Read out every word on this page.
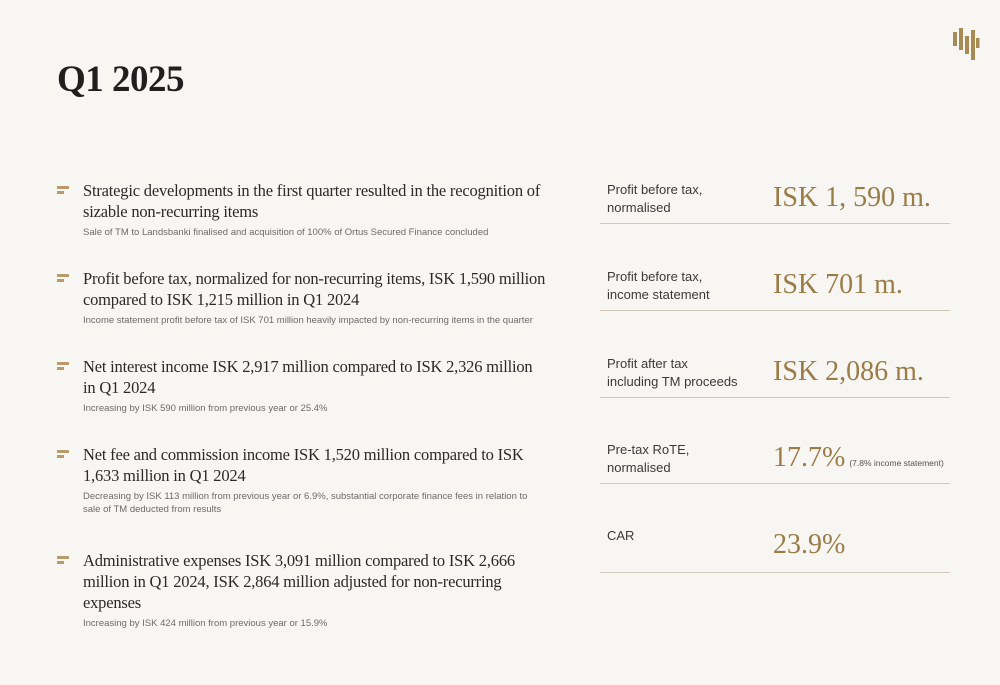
Q1 2025

Strategic developments in the first quarter resulted in the recognition of sizable non-recurring items

Sale of TM to Landsbanki finalised and acquisition of 100% of Ortus Secured Finance concluded

Profit before tax, normalized for non-recurring items, ISK 1,590 million compared to ISK 1,215 million in Q1 2024

Income statement profit before tax of ISK 701 million heavily impacted by non-recurring items in the quarter

Net interest income ISK 2,917 million compared to ISK 2,326 million in Q1 2024

Increasing by ISK 590 million from previous year or 25.4%

Net fee and commission income ISK 1,520 million compared to ISK 1,633 million in Q1 2024

Decreasing by ISK 113 million from previous year or 6.9%, substantial corporate finance fees in relation to sale of TM deducted from results

Administrative expenses ISK 3,091 million compared to ISK 2,666 million in Q1 2024, ISK 2,864 million adjusted for non-recurring expenses

Increasing by ISK 424 million from previous year or 15.9%

Profit before tax,
normalised	ISK 1, 590 m.
Profit before tax,
income statement ISK 701 m.
Profit after tax
including TM proceeds ISK 2,086 m.
Pre-tax RoTE,
normalised	17.7% (7.8% income statement)
CAR	23.9%
